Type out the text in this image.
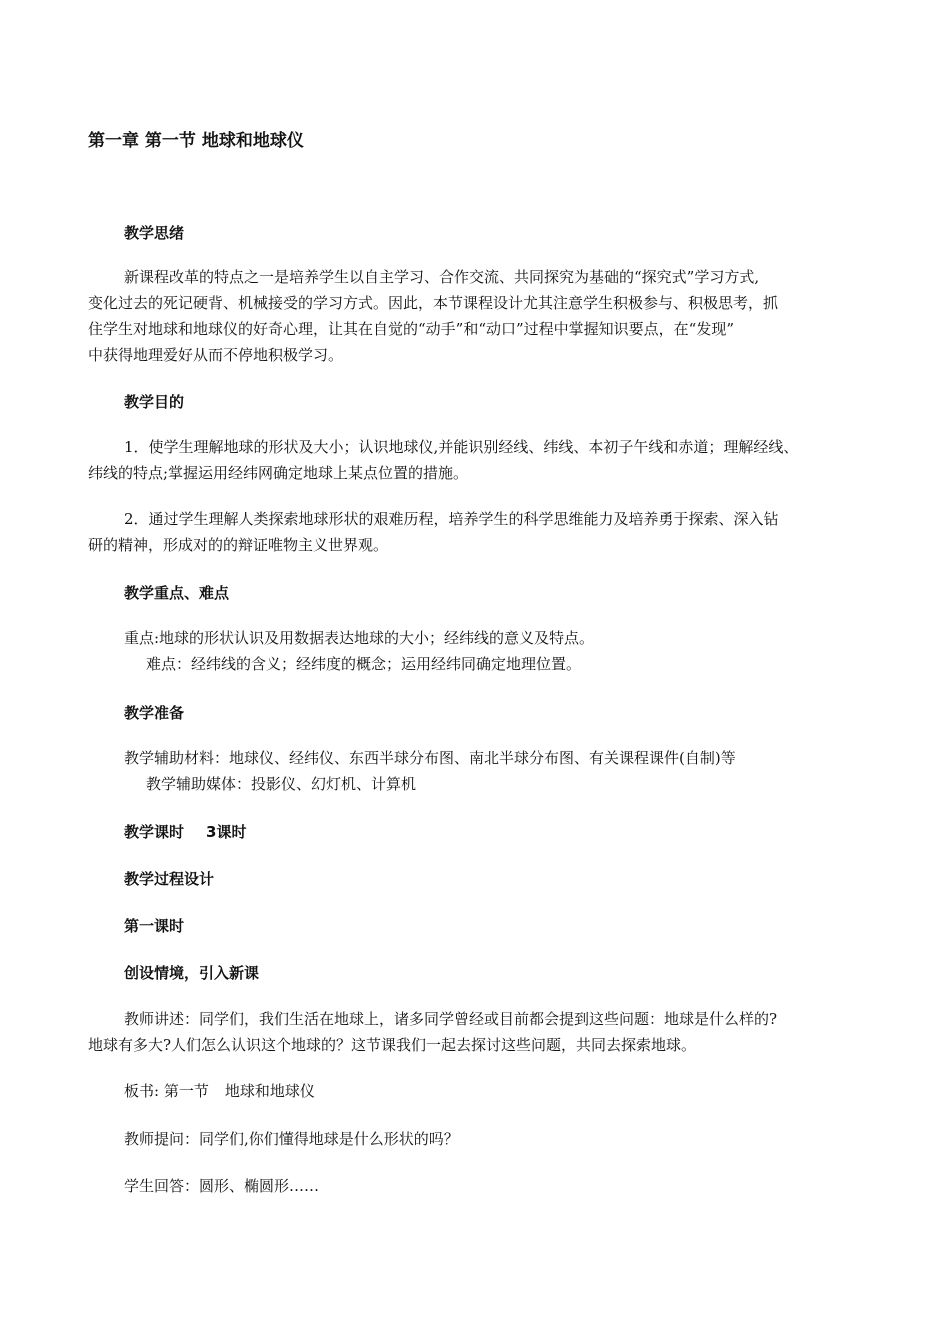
第一章 第一节 地球和地球仪
教学思绪
新课程改革的特点之一是培养学生以自主学习、合作交流、共同探究为基础的“探究式”学习方式,
变化过去的死记硬背、机械接受的学习方式。因此，本节课程设计尤其注意学生积极参与、积极思考，抓
住学生对地球和地球仪的好奇心理，让其在自觉的“动手”和“动口”过程中掌握知识要点，在“发现”
中获得地理爱好从而不停地积极学习。
教学目的
1．使学生理解地球的形状及大小；认识地球仪,并能识别经线、纬线、本初子午线和赤道；理解经线、
纬线的特点;掌握运用经纬网确定地球上某点位置的措施。
2．通过学生理解人类探索地球形状的艰难历程，培养学生的科学思维能力及培养勇于探索、深入钻
研的精神，形成对的的辩证唯物主义世界观。
教学重点、难点

重点:地球的形状认识及用数据表达地球的大小；经纬线的意义及特点。

难点：经纬线的含义；经纬度的概念；运用经纬同确定地理位置。

教学准备

教学辅助材料：地球仪、经纬仪、东西半球分布图、南北半球分布图、有关课程课件(自制)等

教学辅助媒体：投影仪、幻灯机、计算机

教学课时 3课时
教学过程设计
第一课时
创设情境，引入新课
教师讲述：同学们，我们生活在地球上，诸多同学曾经或目前都会提到这些问题：地球是什么样的?
地球有多大?人们怎么认识这个地球的？这节课我们一起去探讨这些问题，共同去探索地球。

板书: 第一节 地球和地球仪

教师提问：同学们,你们懂得地球是什么形状的吗？

学生回答：圆形、椭圆形……
